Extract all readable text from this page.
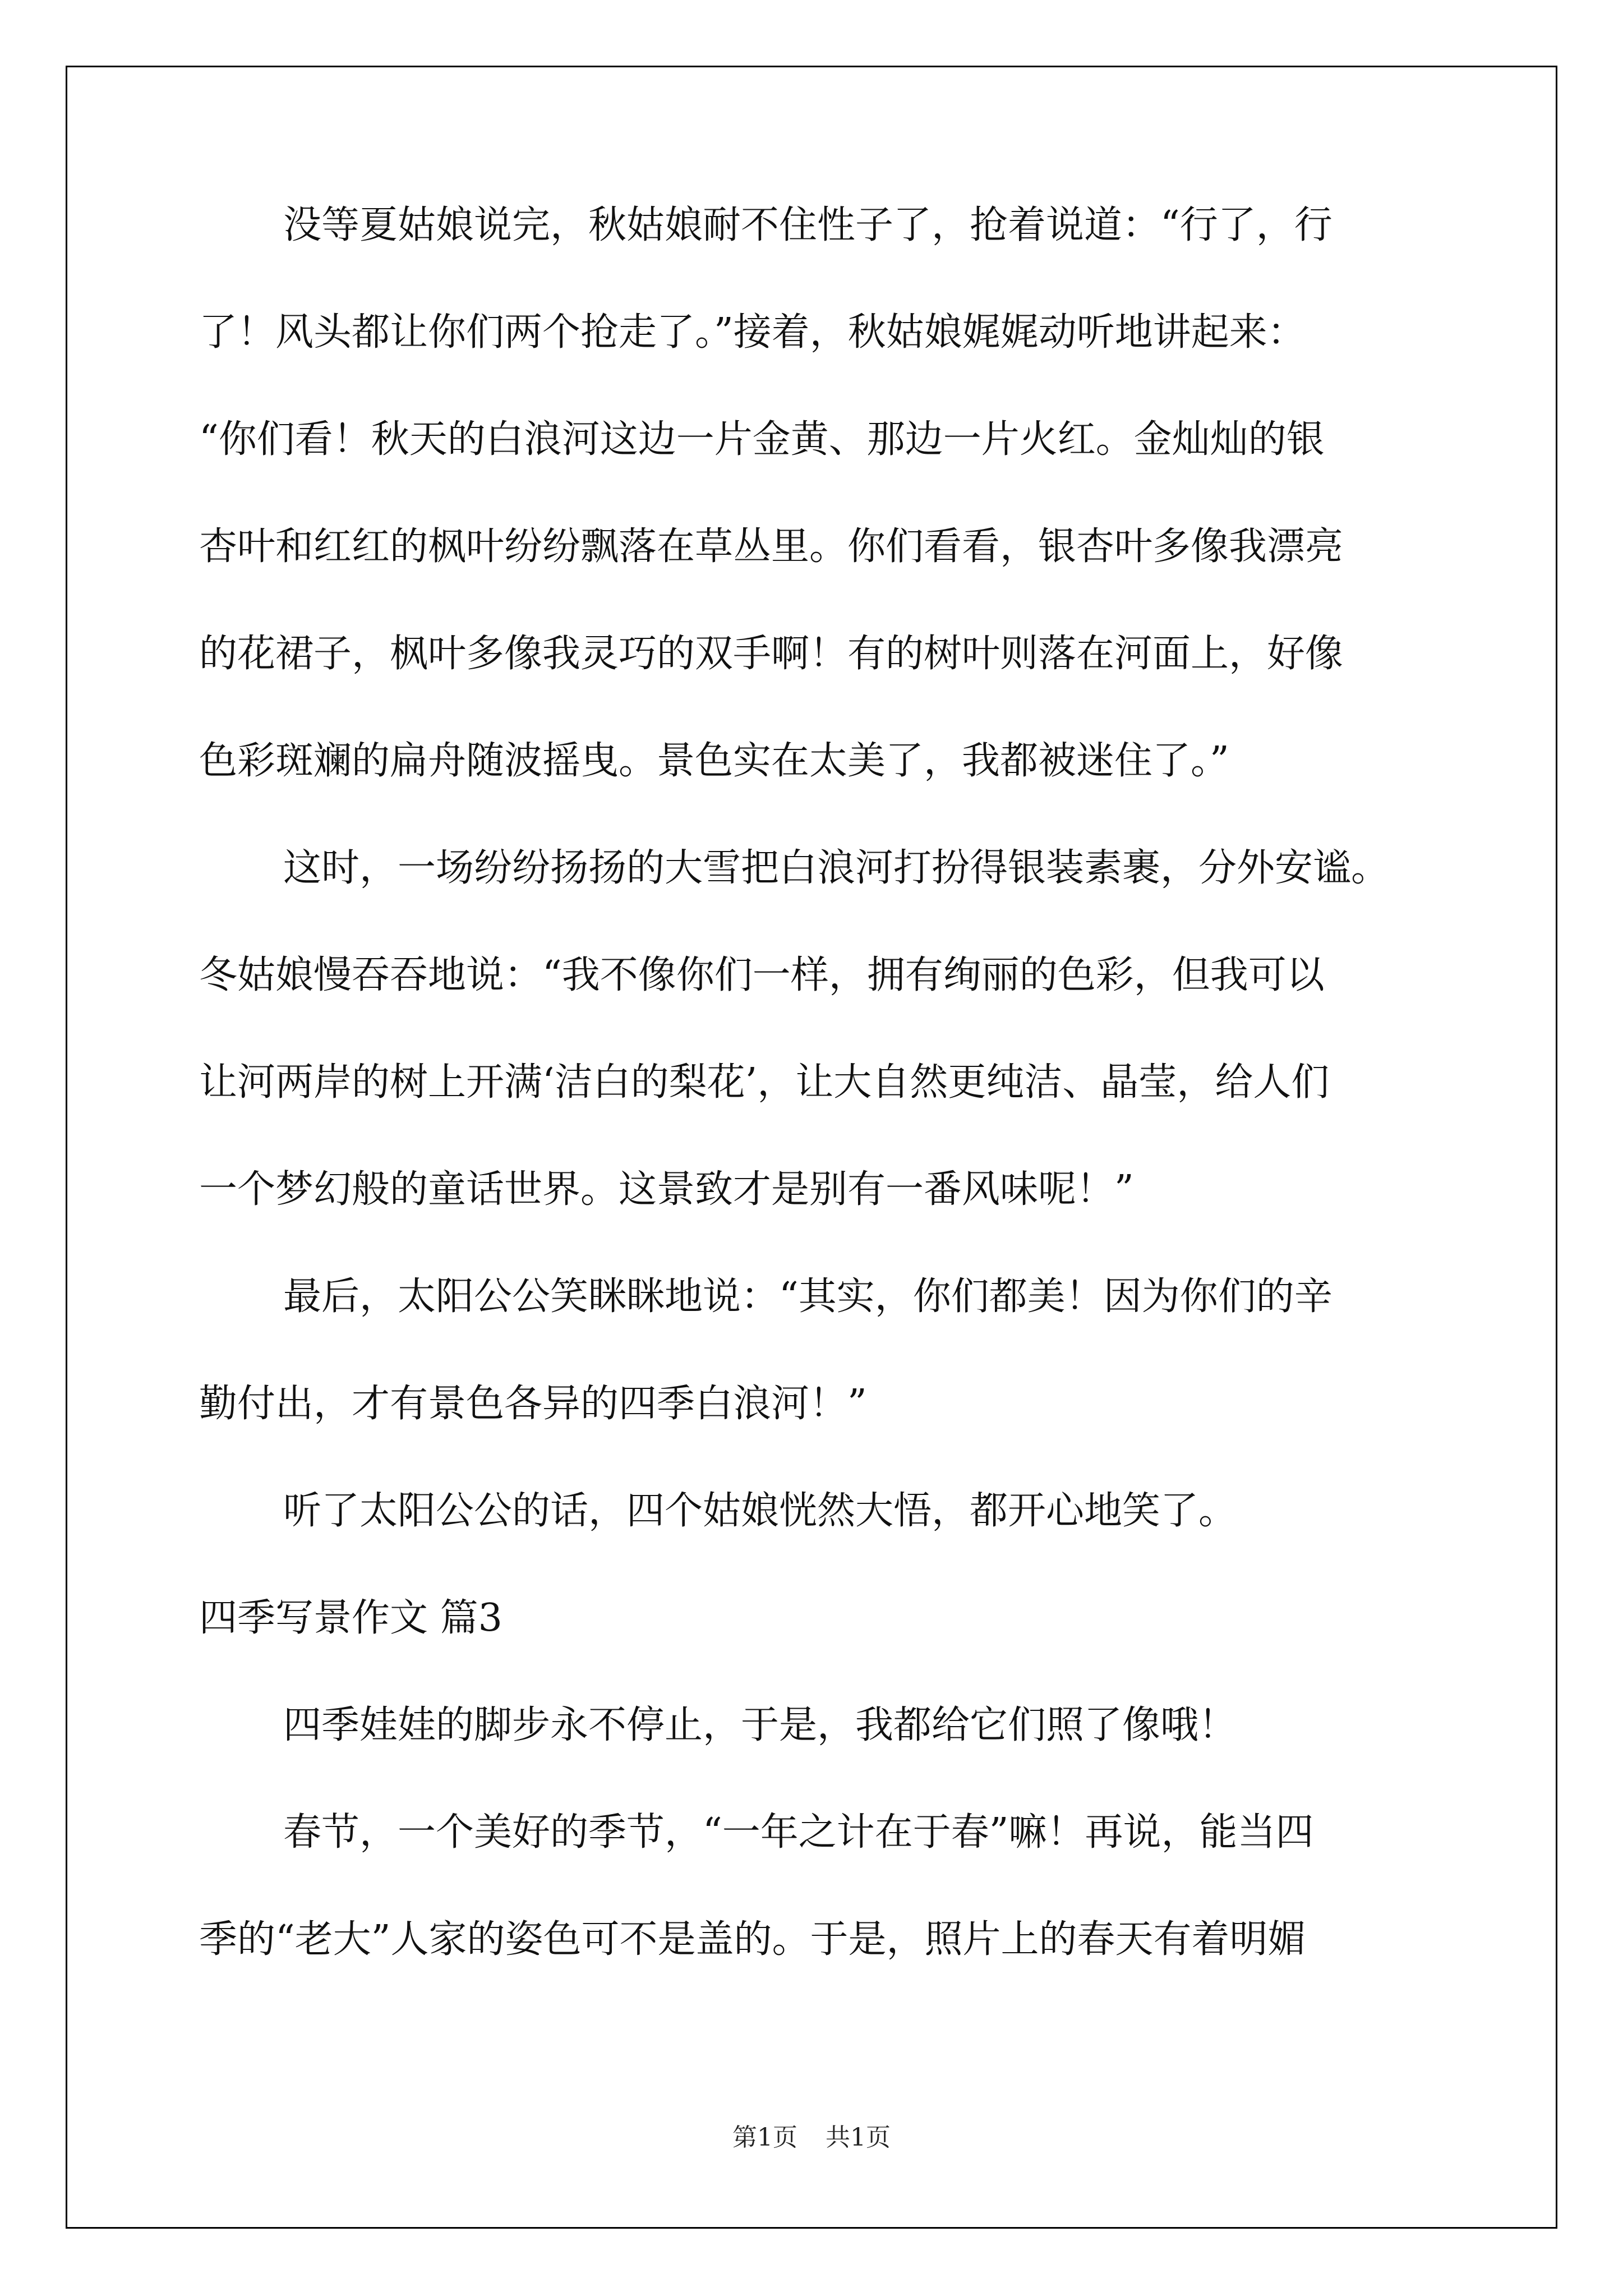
没等夏姑娘说完，秋姑娘耐不住性子了，抢着说道：“行了，行
了！风头都让你们两个抢走了。”接着，秋姑娘娓娓动听地讲起来：
“你们看！秋天的白浪河这边一片金黄、那边一片火红。金灿灿的银
杏叶和红红的枫叶纷纷飘落在草丛里。你们看看，银杏叶多像我漂亮
的花裙子，枫叶多像我灵巧的双手啊！有的树叶则落在河面上，好像
色彩斑斓的扁舟随波摇曳。景色实在太美了，我都被迷住了。”
这时，一场纷纷扬扬的大雪把白浪河打扮得银装素裹，分外安谧。
冬姑娘慢吞吞地说：“我不像你们一样，拥有绚丽的色彩，但我可以
让河两岸的树上开满‘洁白的梨花’，让大自然更纯洁、晶莹，给人们
一个梦幻般的童话世界。这景致才是别有一番风味呢！”
最后，太阳公公笑眯眯地说：“其实，你们都美！因为你们的辛
勤付出，才有景色各异的四季白浪河！”
听了太阳公公的话，四个姑娘恍然大悟，都开心地笑了。
四季写景作文 篇3
四季娃娃的脚步永不停止，于是，我都给它们照了像哦！
春节，一个美好的季节，“一年之计在于春”嘛！再说，能当四
季的“老大”人家的姿色可不是盖的。于是，照片上的春天有着明媚
第1页 共1页
